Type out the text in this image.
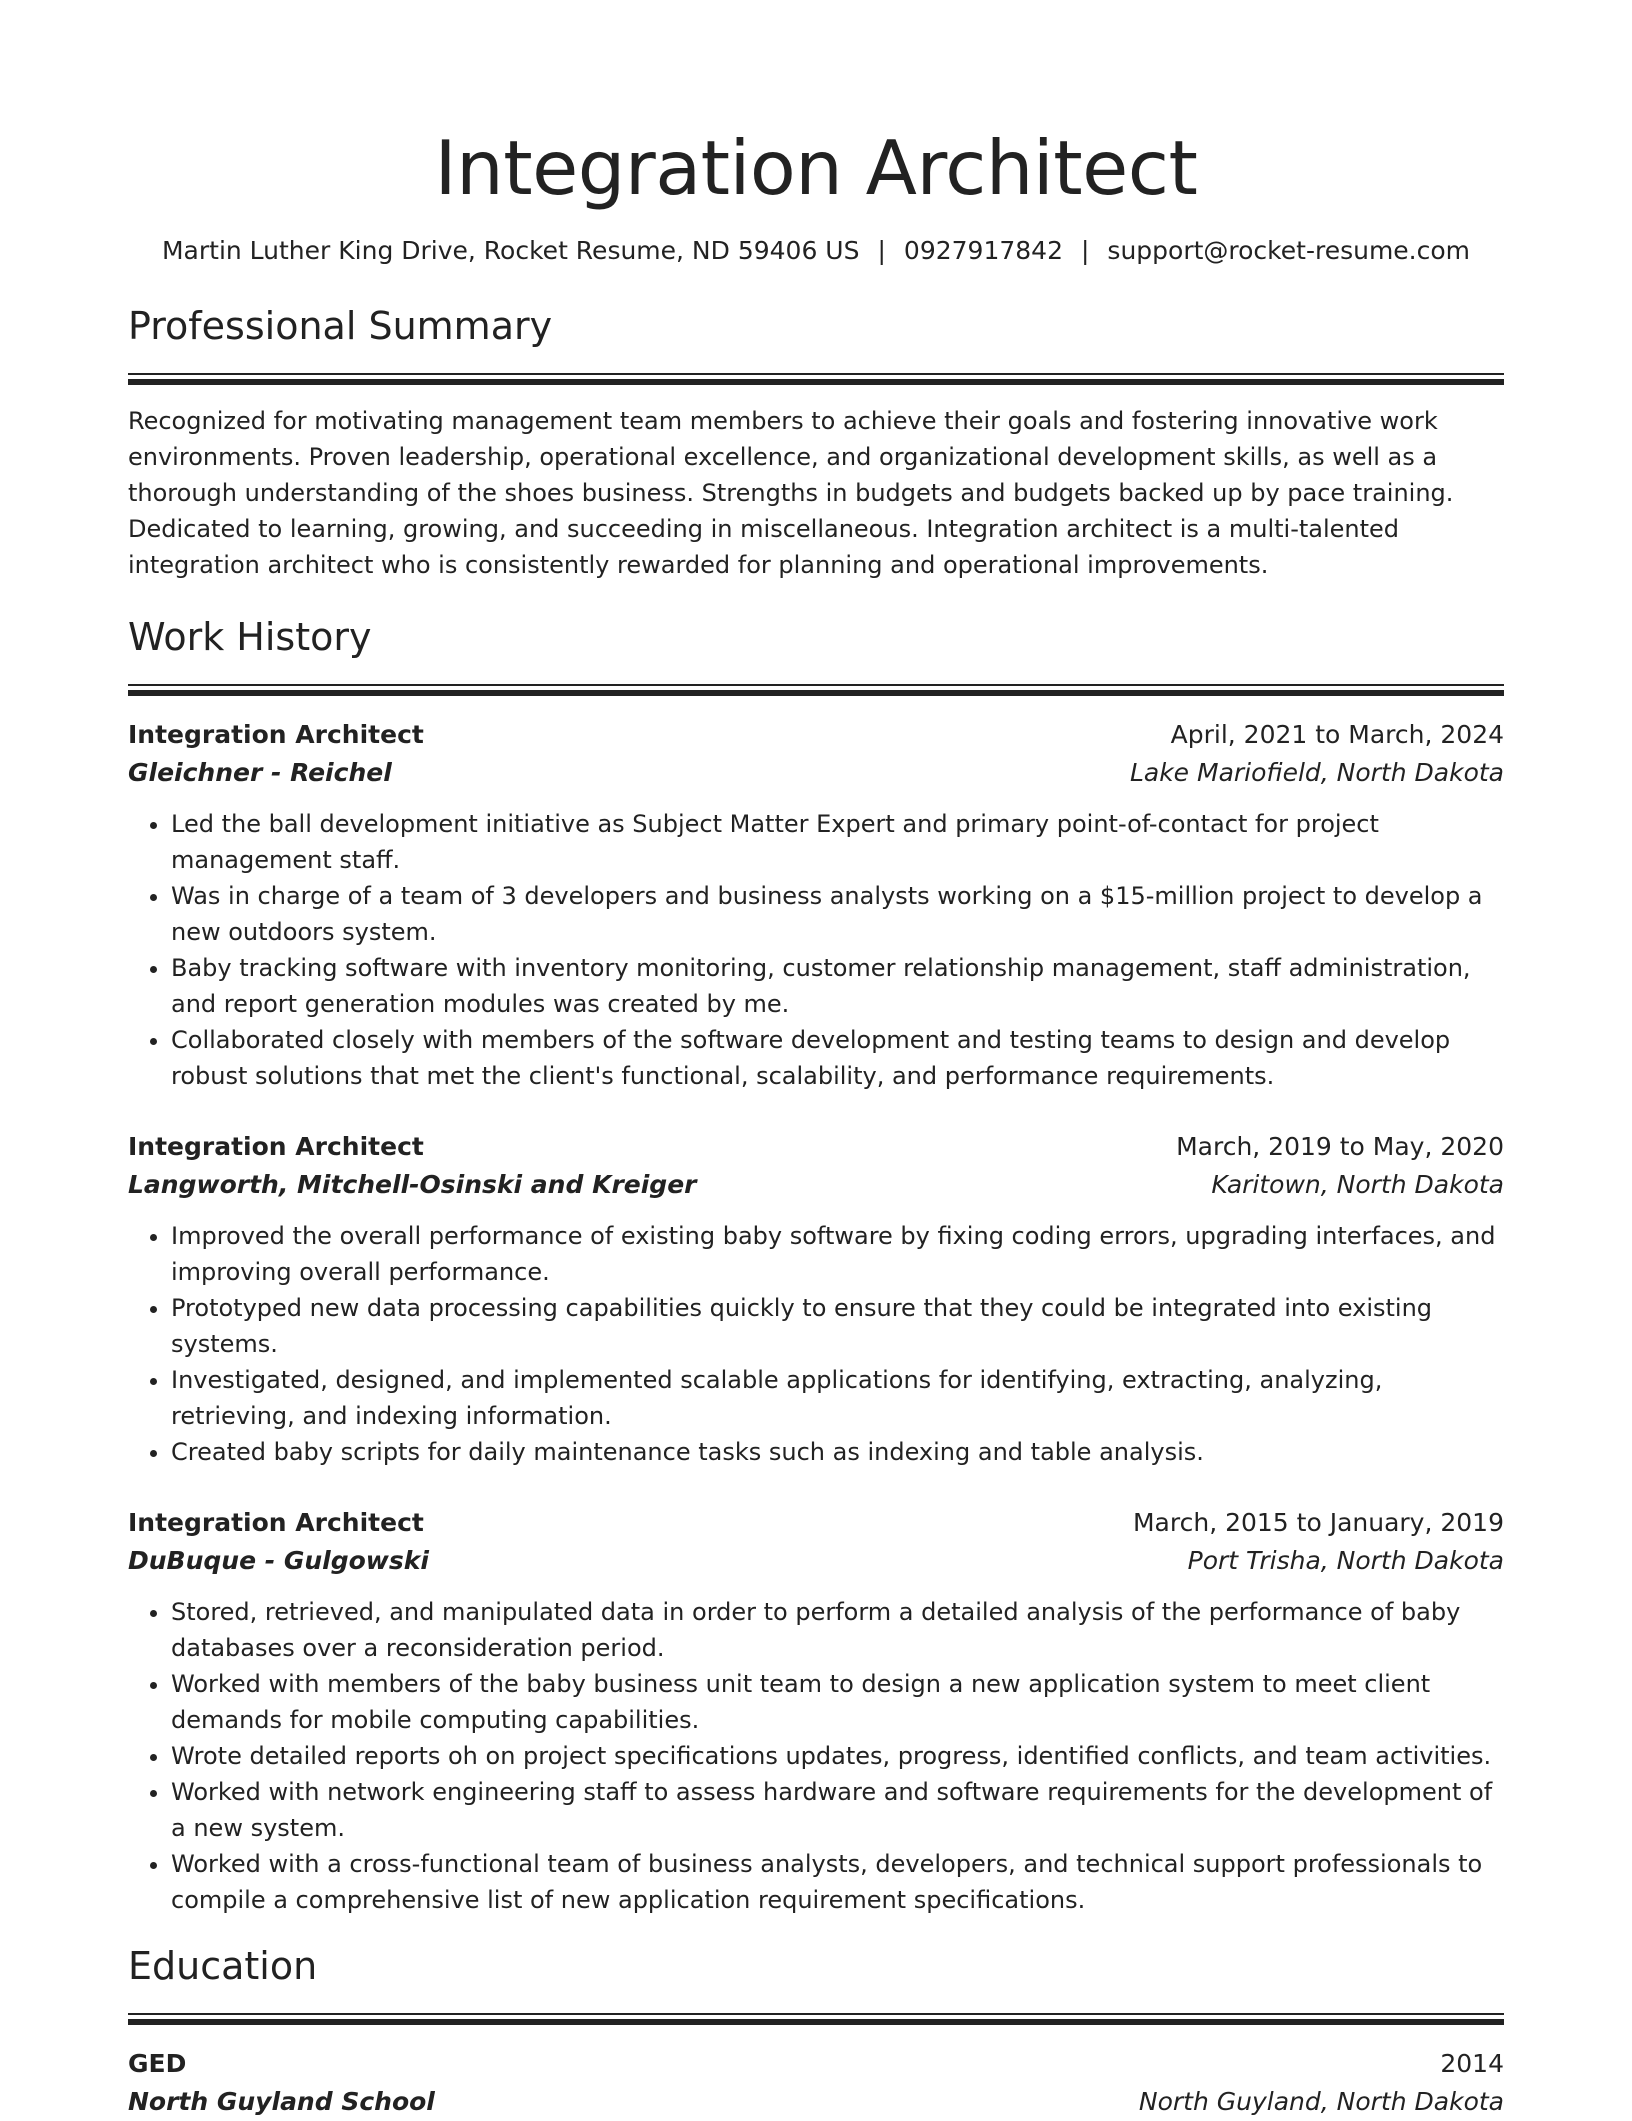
Integration Architect
Martin Luther King Drive, Rocket Resume, ND 59406 US | 0927917842 | support@rocket-resume.com
Professional Summary

Recognized for motivating management team members to achieve their goals and fostering innovative work environments. Proven leadership, operational excellence, and organizational development skills, as well as a thorough understanding of the shoes business. Strengths in budgets and budgets backed up by pace training. Dedicated to learning, growing, and succeeding in miscellaneous. Integration architect is a multi-talented integration architect who is consistently rewarded for planning and operational improvements.

Work History
Integration Architect	April, 2021 to March, 2024
Gleichner - Reichel	Lake Mariofield, North Dakota
• Led the ball development initiative as Subject Matter Expert and primary point-of-contact for project management staff.
• Was in charge of a team of 3 developers and business analysts working on a $15-million project to develop a new outdoors system.
• Baby tracking software with inventory monitoring, customer relationship management, staff administration, and report generation modules was created by me.
• Collaborated closely with members of the software development and testing teams to design and develop robust solutions that met the client's functional, scalability, and performance requirements.
Integration Architect	March, 2019 to May, 2020
Langworth, Mitchell-Osinski and Kreiger	Karitown, North Dakota
• Improved the overall performance of existing baby software by fixing coding errors, upgrading interfaces, and improving overall performance.
• Prototyped new data processing capabilities quickly to ensure that they could be integrated into existing systems.
• Investigated, designed, and implemented scalable applications for identifying, extracting, analyzing, retrieving, and indexing information.
• Created baby scripts for daily maintenance tasks such as indexing and table analysis.
Integration Architect	March, 2015 to January, 2019
DuBuque - Gulgowski	Port Trisha, North Dakota
• Stored, retrieved, and manipulated data in order to perform a detailed analysis of the performance of baby databases over a reconsideration period.
• Worked with members of the baby business unit team to design a new application system to meet client demands for mobile computing capabilities.
• Wrote detailed reports oh on project specifications updates, progress, identified conflicts, and team activities.
• Worked with network engineering staff to assess hardware and software requirements for the development of a new system.
• Worked with a cross-functional team of business analysts, developers, and technical support professionals to compile a comprehensive list of new application requirement specifications.
Education
GED	2014
North Guyland School	North Guyland, North Dakota
